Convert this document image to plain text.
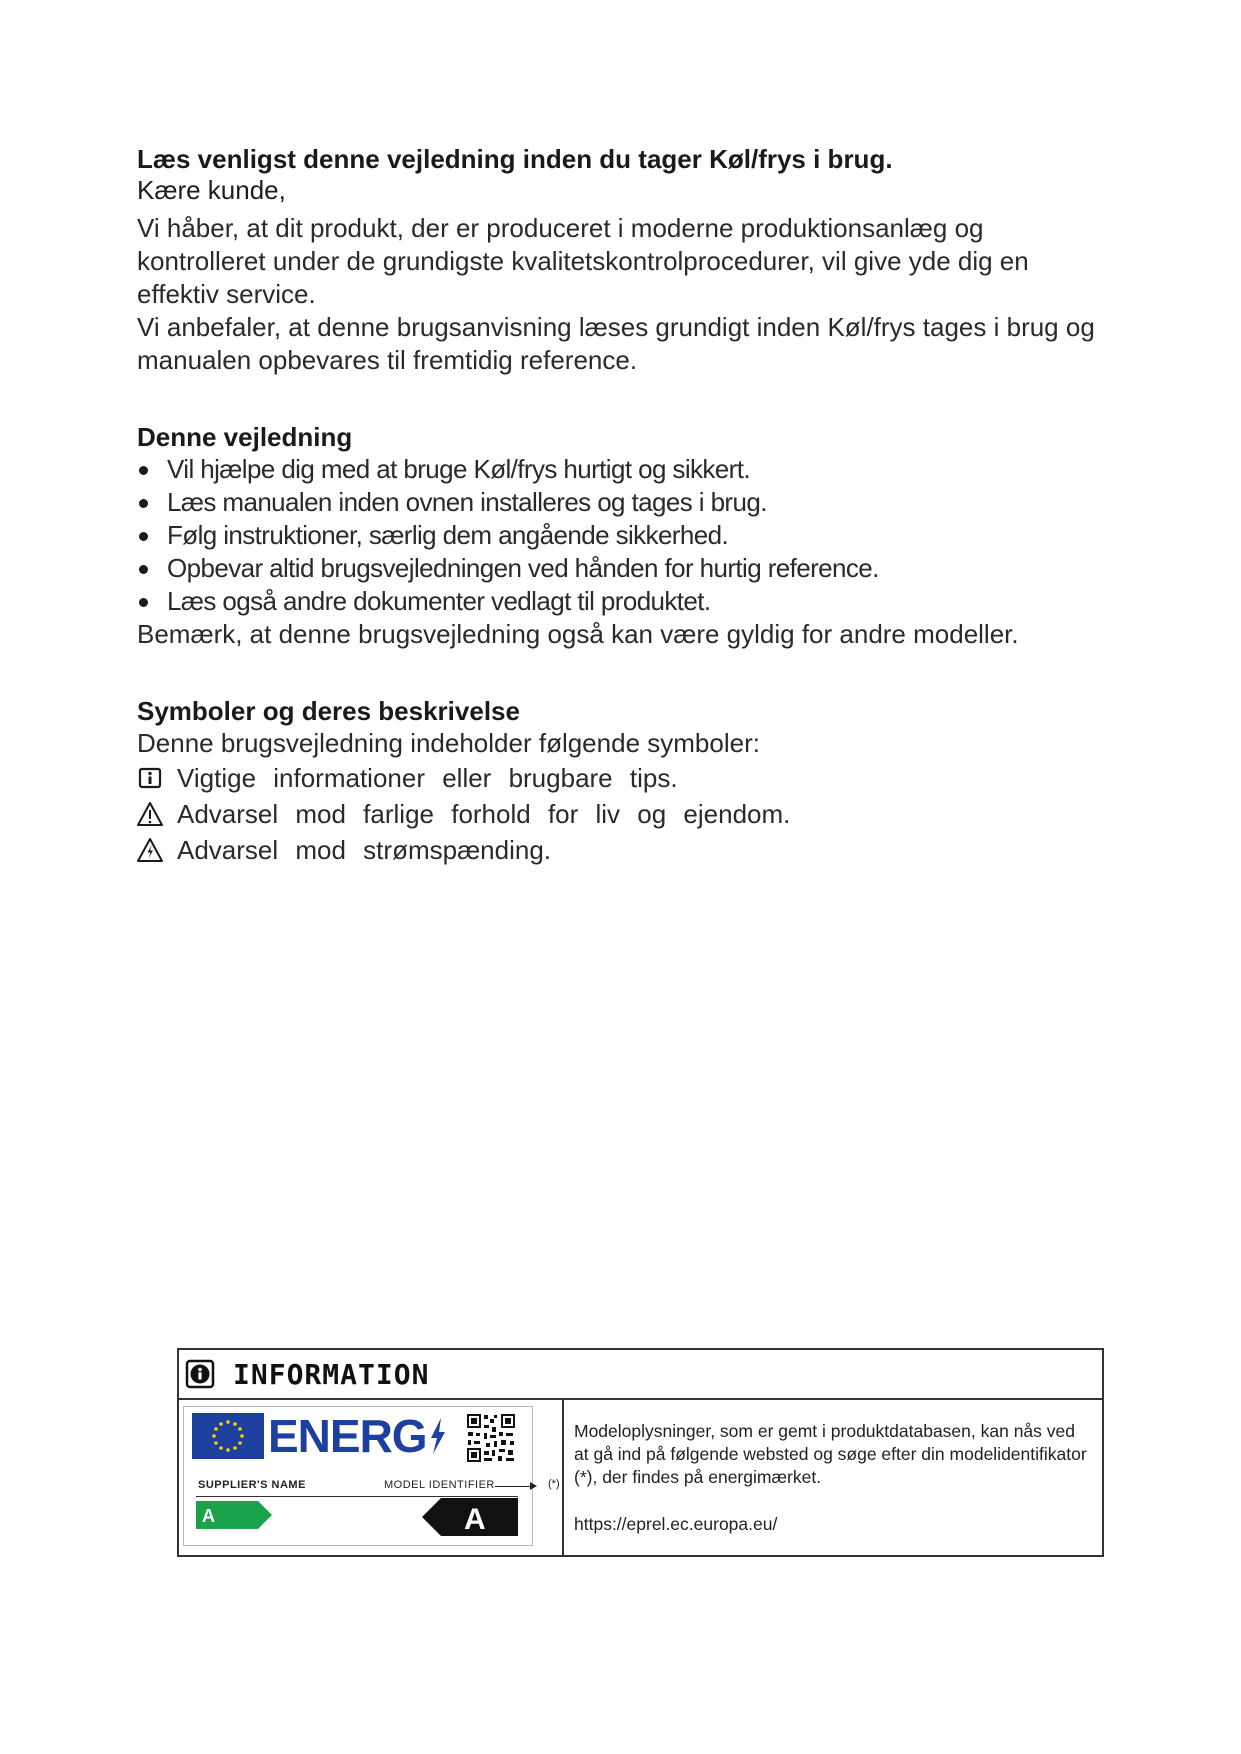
Læs venligst denne vejledning inden du tager Køl/frys i brug.

Kære kunde,

Vi håber, at dit produkt, der er produceret i moderne produktionsanlæg og kontrolleret under de grundigste kvalitetskontrolprocedurer, vil give yde dig en effektiv service.

Vi anbefaler, at denne brugsanvisning læses grundigt inden Køl/frys tages i brug og manualen opbevares til fremtidig reference.

Denne vejledning
Vil hjælpe dig med at bruge Køl/frys hurtigt og sikkert.
Læs manualen inden ovnen installeres og tages i brug.
Følg instruktioner, særlig dem angående sikkerhed.
Opbevar altid brugsvejledningen ved hånden for hurtig reference.
Læs også andre dokumenter vedlagt til produktet.
Bemærk, at denne brugsvejledning også kan være gyldig for andre modeller.
Symboler og deres beskrivelse
Denne brugsvejledning indeholder følgende symboler:
Vigtige informationer eller brugbare tips.
Advarsel mod farlige forhold for liv og ejendom.
Advarsel mod strømspænding.
INFORMATION
ENERG
SUPPLIER'S NAME	MODEL IDENTIFIER	(*)
A	A

Modeloplysninger, som er gemt i produktdatabasen, kan nås ved at gå ind på følgende websted og søge efter din modelidentifikator (*), der findes på energimærket.

https://eprel.ec.europa.eu/
